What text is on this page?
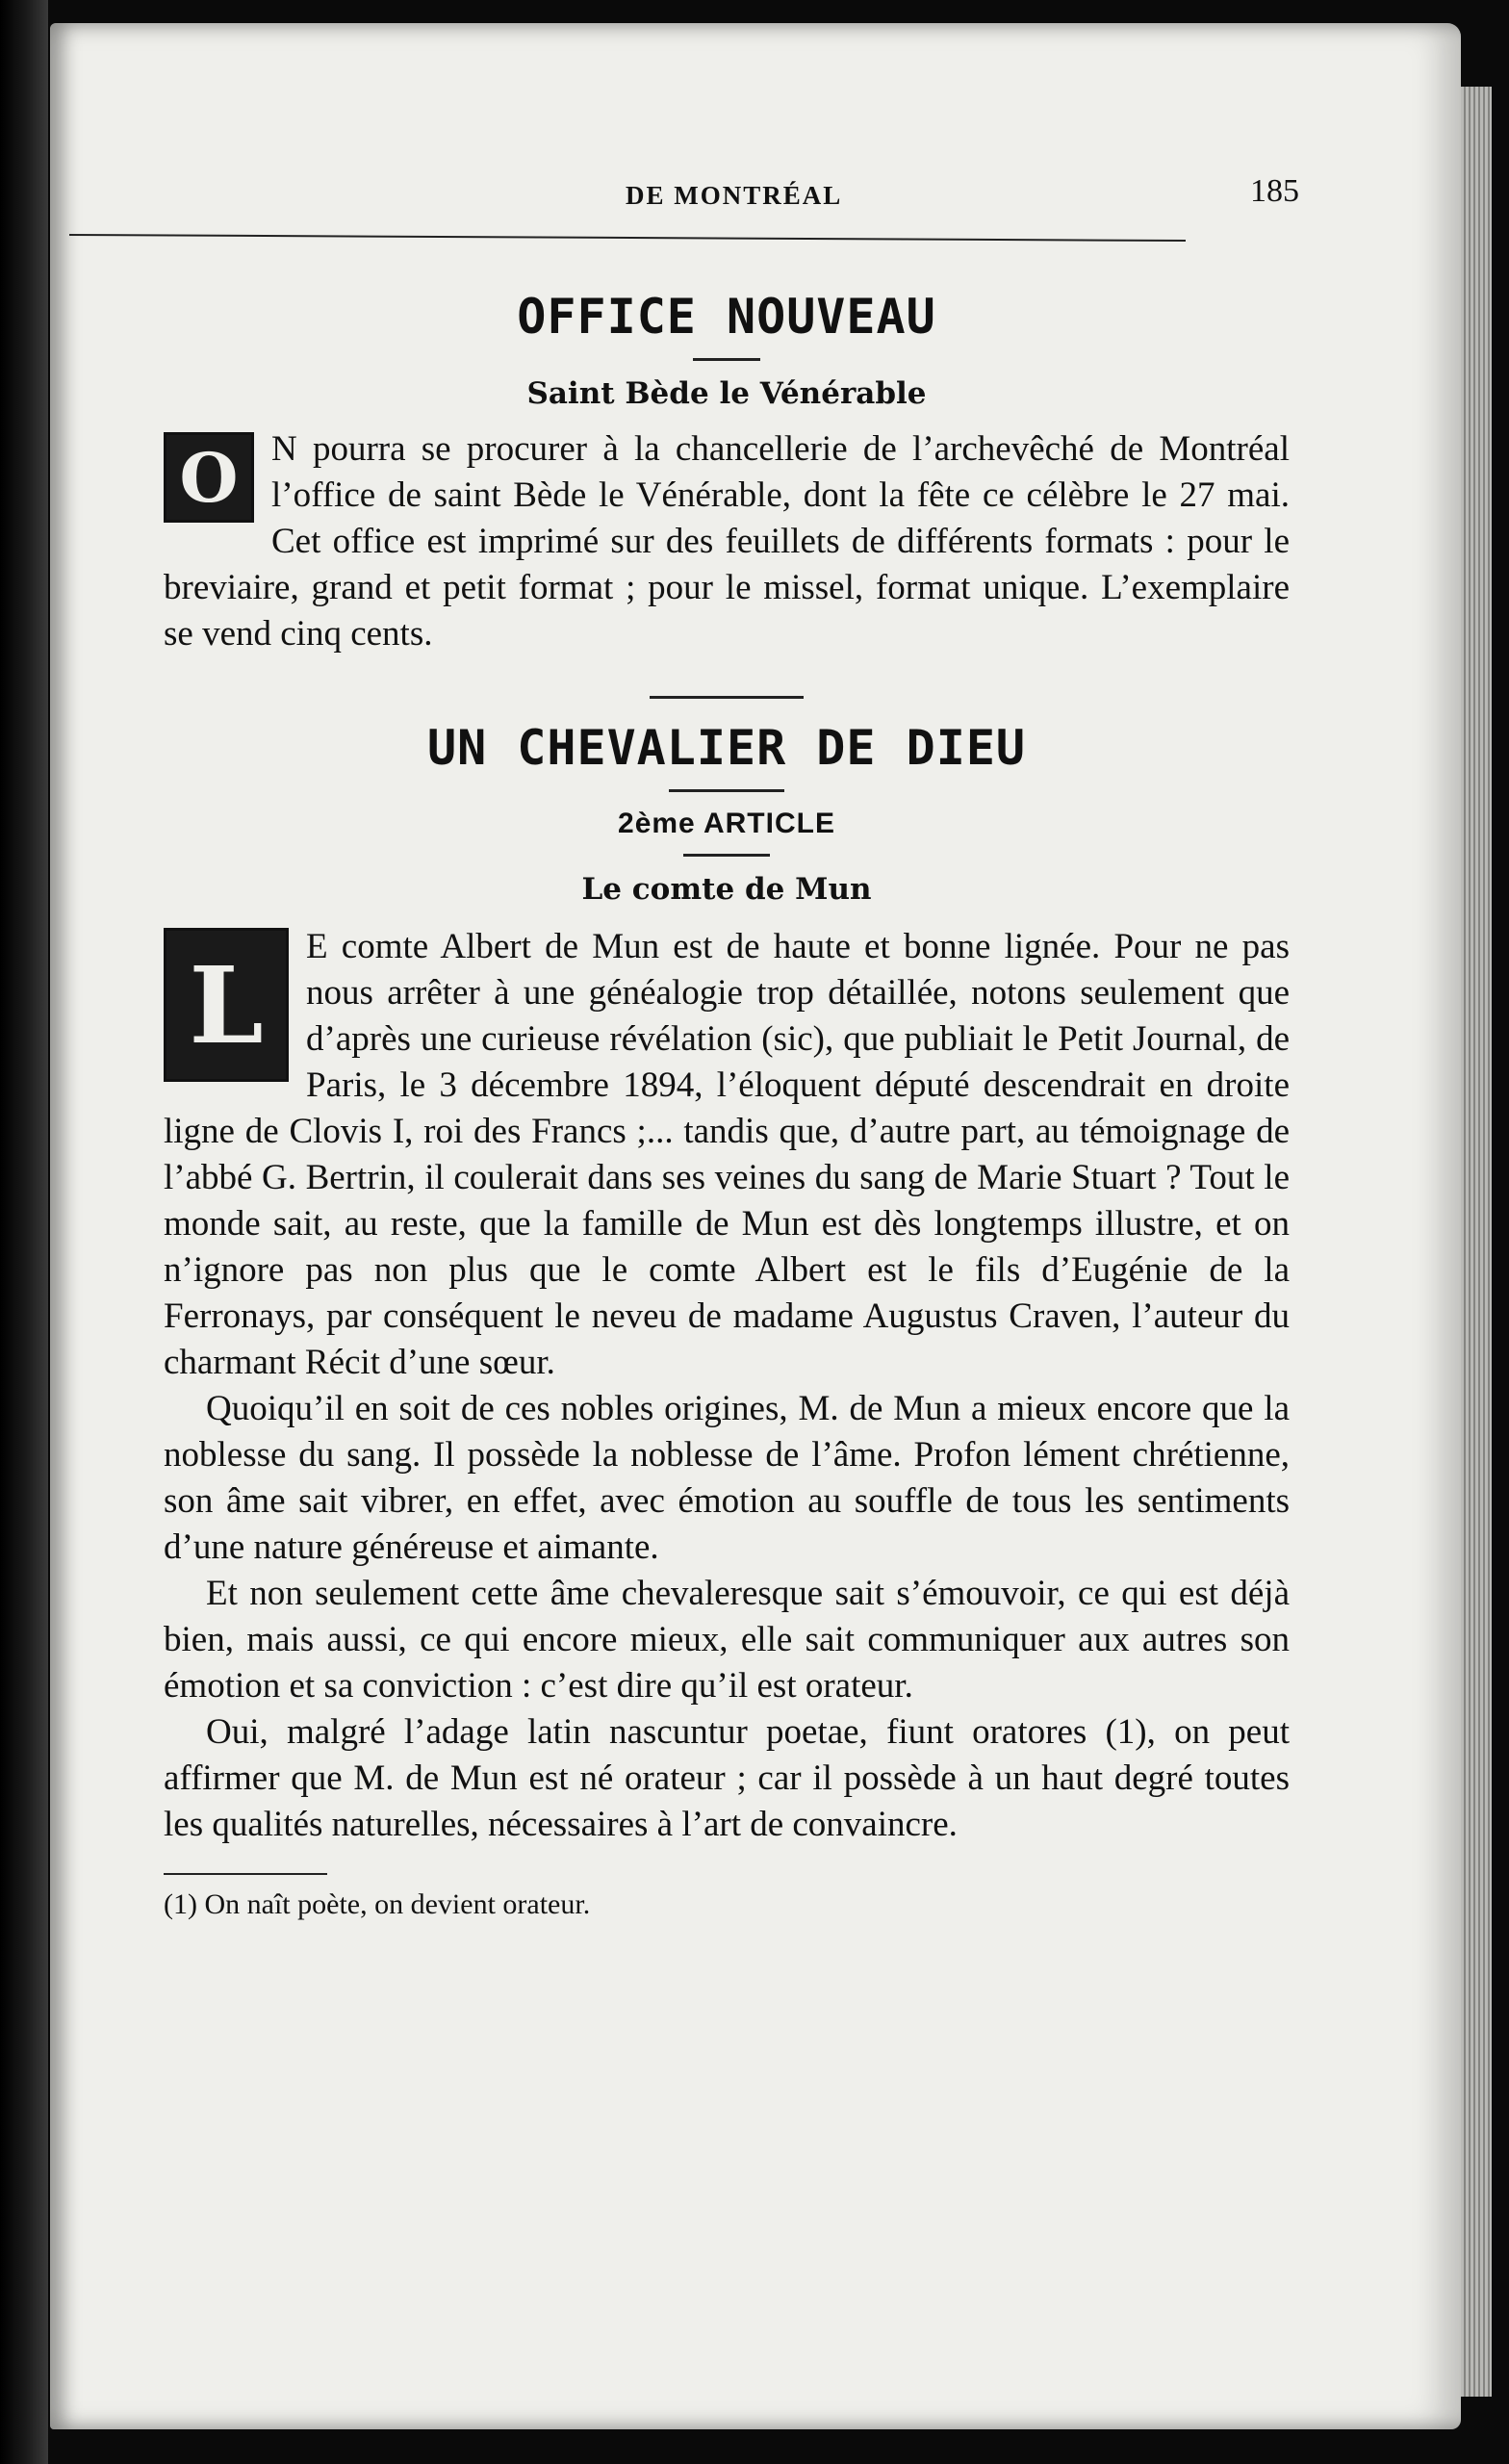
DE MONTRÉAL	185
OFFICE NOUVEAU
Saint Bède le Vénérable
O N pourra se procurer à la chancellerie de l’archevêché de Montréal l’office de saint Bède le Vénérable, dont la fête ce célèbre le 27 mai. Cet office est imprimé sur des feuillets de différents formats : pour le breviaire, grand et petit format ; pour le missel, format unique. L’exemplaire se vend cinq cents.

UN CHEVALIER DE DIEU
2ème ARTICLE
Le comte de Mun
L	E comte Albert de Mun est de haute et bonne lignée. Pour ne pas nous arrêter à une généalogie trop détaillée, notons seulement que d’après une curieuse révélation (sic), que publiait le Petit Journal, de Paris, le 3 décembre 1894, l’éloquent député descendrait en droite ligne de Clovis I, roi des Francs ;... tandis que, d’autre part, au témoignage de l’abbé G. Bertrin, il coulerait dans ses veines du sang de Marie Stuart ? Tout le monde sait, au reste, que la famille de Mun est dès longtemps illustre, et on n’ignore pas non plus que le comte Albert est le fils d’Eugénie de la Ferronays, par conséquent le neveu de madame Augustus Craven, l’auteur du charmant Récit d’une sœur.

Quoiqu’il en soit de ces nobles origines, M. de Mun a mieux encore que la noblesse du sang. Il possède la noblesse de l’âme. Profon lément chrétienne, son âme sait vibrer, en effet, avec émotion au souffle de tous les sentiments d’une nature généreuse et aimante.

Et non seulement cette âme chevaleresque sait s’émouvoir, ce qui est déjà bien, mais aussi, ce qui encore mieux, elle sait communiquer aux autres son émotion et sa conviction : c’est dire qu’il est orateur.

Oui, malgré l’adage latin nascuntur poetae, fiunt oratores (1), on peut affirmer que M. de Mun est né orateur ; car il possède à un haut degré toutes les qualités naturelles, nécessaires à l’art de convaincre.

(1) On naît poète, on devient orateur.
